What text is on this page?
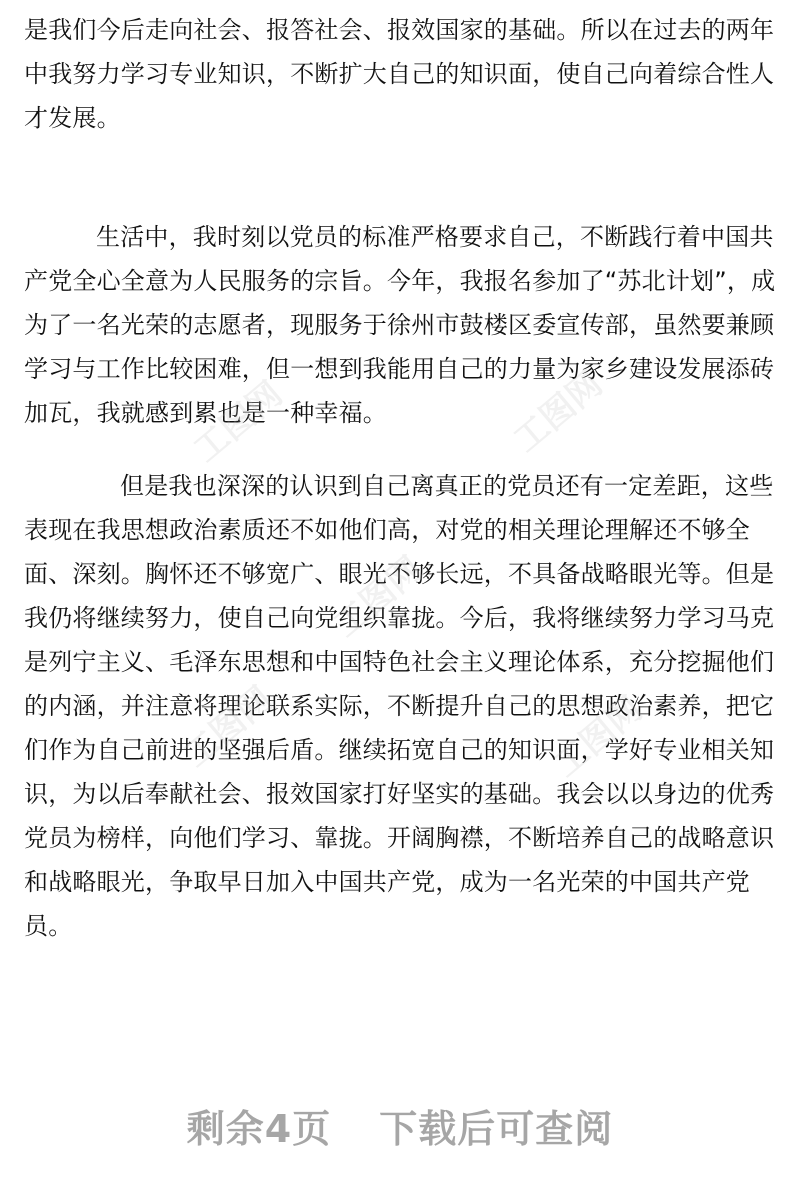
是我们今后走向社会、报答社会、报效国家的基础。所以在过去的两年中我努力学习专业知识，不断扩大自己的知识面，使自己向着综合性人才发展。

生活中，我时刻以党员的标准严格要求自己，不断践行着中国共产党全心全意为人民服务的宗旨。今年，我报名参加了“苏北计划”，成为了一名光荣的志愿者，现服务于徐州市鼓楼区委宣传部，虽然要兼顾学习与工作比较困难，但一想到我能用自己的力量为家乡建设发展添砖加瓦，我就感到累也是一种幸福。

但是我也深深的认识到自己离真正的党员还有一定差距，这些表现在我思想政治素质还不如他们高，对党的相关理论理解还不够全面、深刻。胸怀还不够宽广、眼光不够长远，不具备战略眼光等。但是我仍将继续努力，使自己向党组织靠拢。今后，我将继续努力学习马克是列宁主义、毛泽东思想和中国特色社会主义理论体系，充分挖掘他们的内涵，并注意将理论联系实际，不断提升自己的思想政治素养，把它们作为自己前进的坚强后盾。继续拓宽自己的知识面，学好专业相关知识，为以后奉献社会、报效国家打好坚实的基础。我会以以身边的优秀党员为榜样，向他们学习、靠拢。开阔胸襟，不断培养自己的战略意识和战略眼光，争取早日加入中国共产党，成为一名光荣的中国共产党员。

工图网	工图网
工图网
工图网	工图网
剩余4页 下载后可查阅
